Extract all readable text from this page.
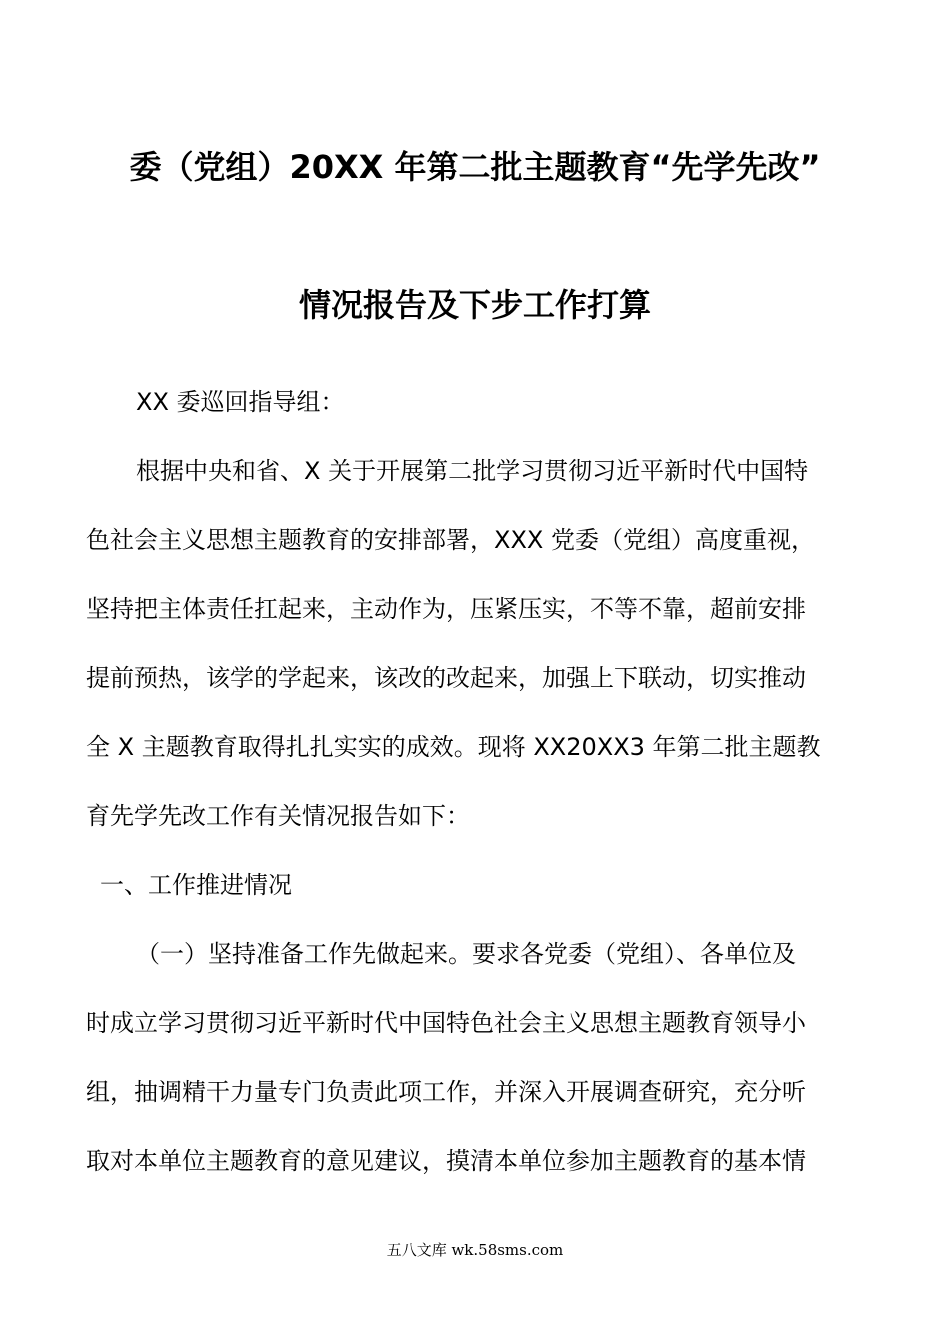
委（党组）20XX 年第二批主题教育“先学先改”
情况报告及下步工作打算
XX 委巡回指导组：
根据中央和省、X 关于开展第二批学习贯彻习近平新时代中国特
色社会主义思想主题教育的安排部署，XXX 党委（党组）高度重视，
坚持把主体责任扛起来，主动作为，压紧压实，不等不靠，超前安排
提前预热，该学的学起来，该改的改起来，加强上下联动，切实推动
全 X 主题教育取得扎扎实实的成效。现将 XX20XX3 年第二批主题教
育先学先改工作有关情况报告如下：
一、工作推进情况
（一）坚持准备工作先做起来。要求各党委（党组）、各单位及
时成立学习贯彻习近平新时代中国特色社会主义思想主题教育领导小
组，抽调精干力量专门负责此项工作，并深入开展调查研究，充分听
取对本单位主题教育的意见建议，摸清本单位参加主题教育的基本情
五八文库 wk.58sms.com
